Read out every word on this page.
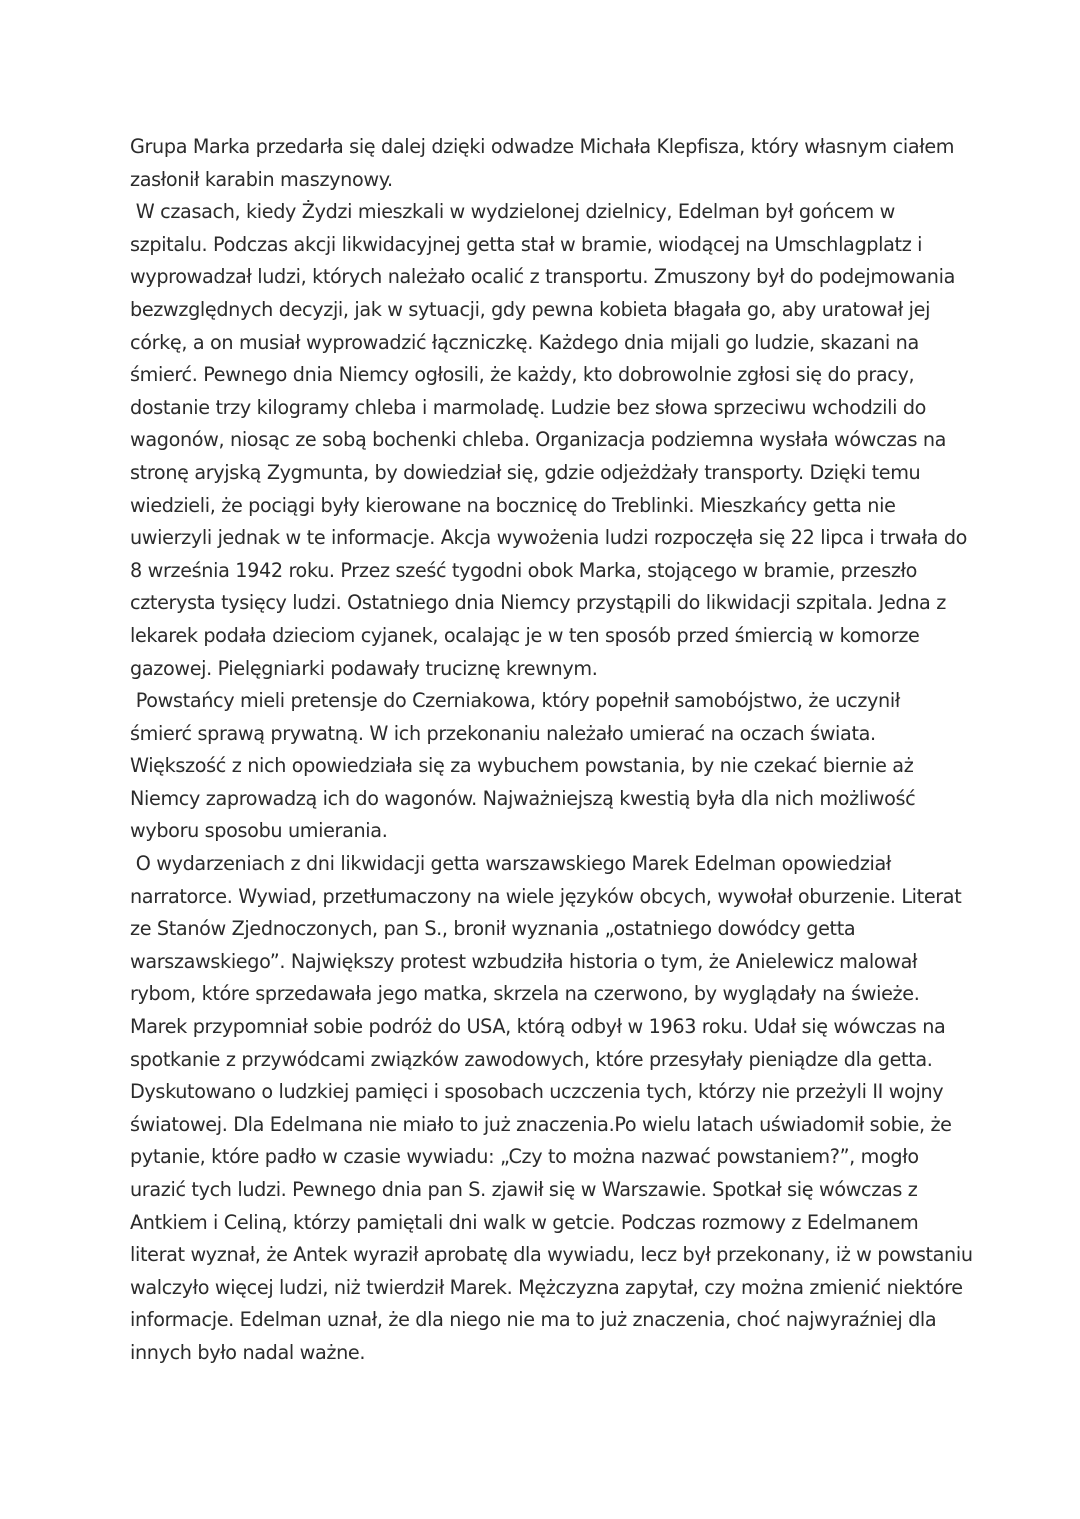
Grupa Marka przedarła się dalej dzięki odwadze Michała Klepfisza, który własnym ciałem
zasłonił karabin maszynowy.
W czasach, kiedy Żydzi mieszkali w wydzielonej dzielnicy, Edelman był gońcem w
szpitalu. Podczas akcji likwidacyjnej getta stał w bramie, wiodącej na Umschlagplatz i
wyprowadzał ludzi, których należało ocalić z transportu. Zmuszony był do podejmowania
bezwzględnych decyzji, jak w sytuacji, gdy pewna kobieta błagała go, aby uratował jej
córkę, a on musiał wyprowadzić łączniczkę. Każdego dnia mijali go ludzie, skazani na
śmierć. Pewnego dnia Niemcy ogłosili, że każdy, kto dobrowolnie zgłosi się do pracy,
dostanie trzy kilogramy chleba i marmoladę. Ludzie bez słowa sprzeciwu wchodzili do
wagonów, niosąc ze sobą bochenki chleba. Organizacja podziemna wysłała wówczas na
stronę aryjską Zygmunta, by dowiedział się, gdzie odjeżdżały transporty. Dzięki temu
wiedzieli, że pociągi były kierowane na bocznicę do Treblinki. Mieszkańcy getta nie
uwierzyli jednak w te informacje. Akcja wywożenia ludzi rozpoczęła się 22 lipca i trwała do
8 września 1942 roku. Przez sześć tygodni obok Marka, stojącego w bramie, przeszło
czterysta tysięcy ludzi. Ostatniego dnia Niemcy przystąpili do likwidacji szpitala. Jedna z
lekarek podała dzieciom cyjanek, ocalając je w ten sposób przed śmiercią w komorze
gazowej. Pielęgniarki podawały truciznę krewnym.
Powstańcy mieli pretensje do Czerniakowa, który popełnił samobójstwo, że uczynił
śmierć sprawą prywatną. W ich przekonaniu należało umierać na oczach świata.
Większość z nich opowiedziała się za wybuchem powstania, by nie czekać biernie aż
Niemcy zaprowadzą ich do wagonów. Najważniejszą kwestią była dla nich możliwość
wyboru sposobu umierania.
O wydarzeniach z dni likwidacji getta warszawskiego Marek Edelman opowiedział
narratorce. Wywiad, przetłumaczony na wiele języków obcych, wywołał oburzenie. Literat
ze Stanów Zjednoczonych, pan S., bronił wyznania „ostatniego dowódcy getta
warszawskiego”. Największy protest wzbudziła historia o tym, że Anielewicz malował
rybom, które sprzedawała jego matka, skrzela na czerwono, by wyglądały na świeże.
Marek przypomniał sobie podróż do USA, którą odbył w 1963 roku. Udał się wówczas na
spotkanie z przywódcami związków zawodowych, które przesyłały pieniądze dla getta.
Dyskutowano o ludzkiej pamięci i sposobach uczczenia tych, którzy nie przeżyli II wojny
światowej. Dla Edelmana nie miało to już znaczenia.Po wielu latach uświadomił sobie, że
pytanie, które padło w czasie wywiadu: „Czy to można nazwać powstaniem?”, mogło
urazić tych ludzi. Pewnego dnia pan S. zjawił się w Warszawie. Spotkał się wówczas z
Antkiem i Celiną, którzy pamiętali dni walk w getcie. Podczas rozmowy z Edelmanem
literat wyznał, że Antek wyraził aprobatę dla wywiadu, lecz był przekonany, iż w powstaniu
walczyło więcej ludzi, niż twierdził Marek. Mężczyzna zapytał, czy można zmienić niektóre
informacje. Edelman uznał, że dla niego nie ma to już znaczenia, choć najwyraźniej dla
innych było nadal ważne.
